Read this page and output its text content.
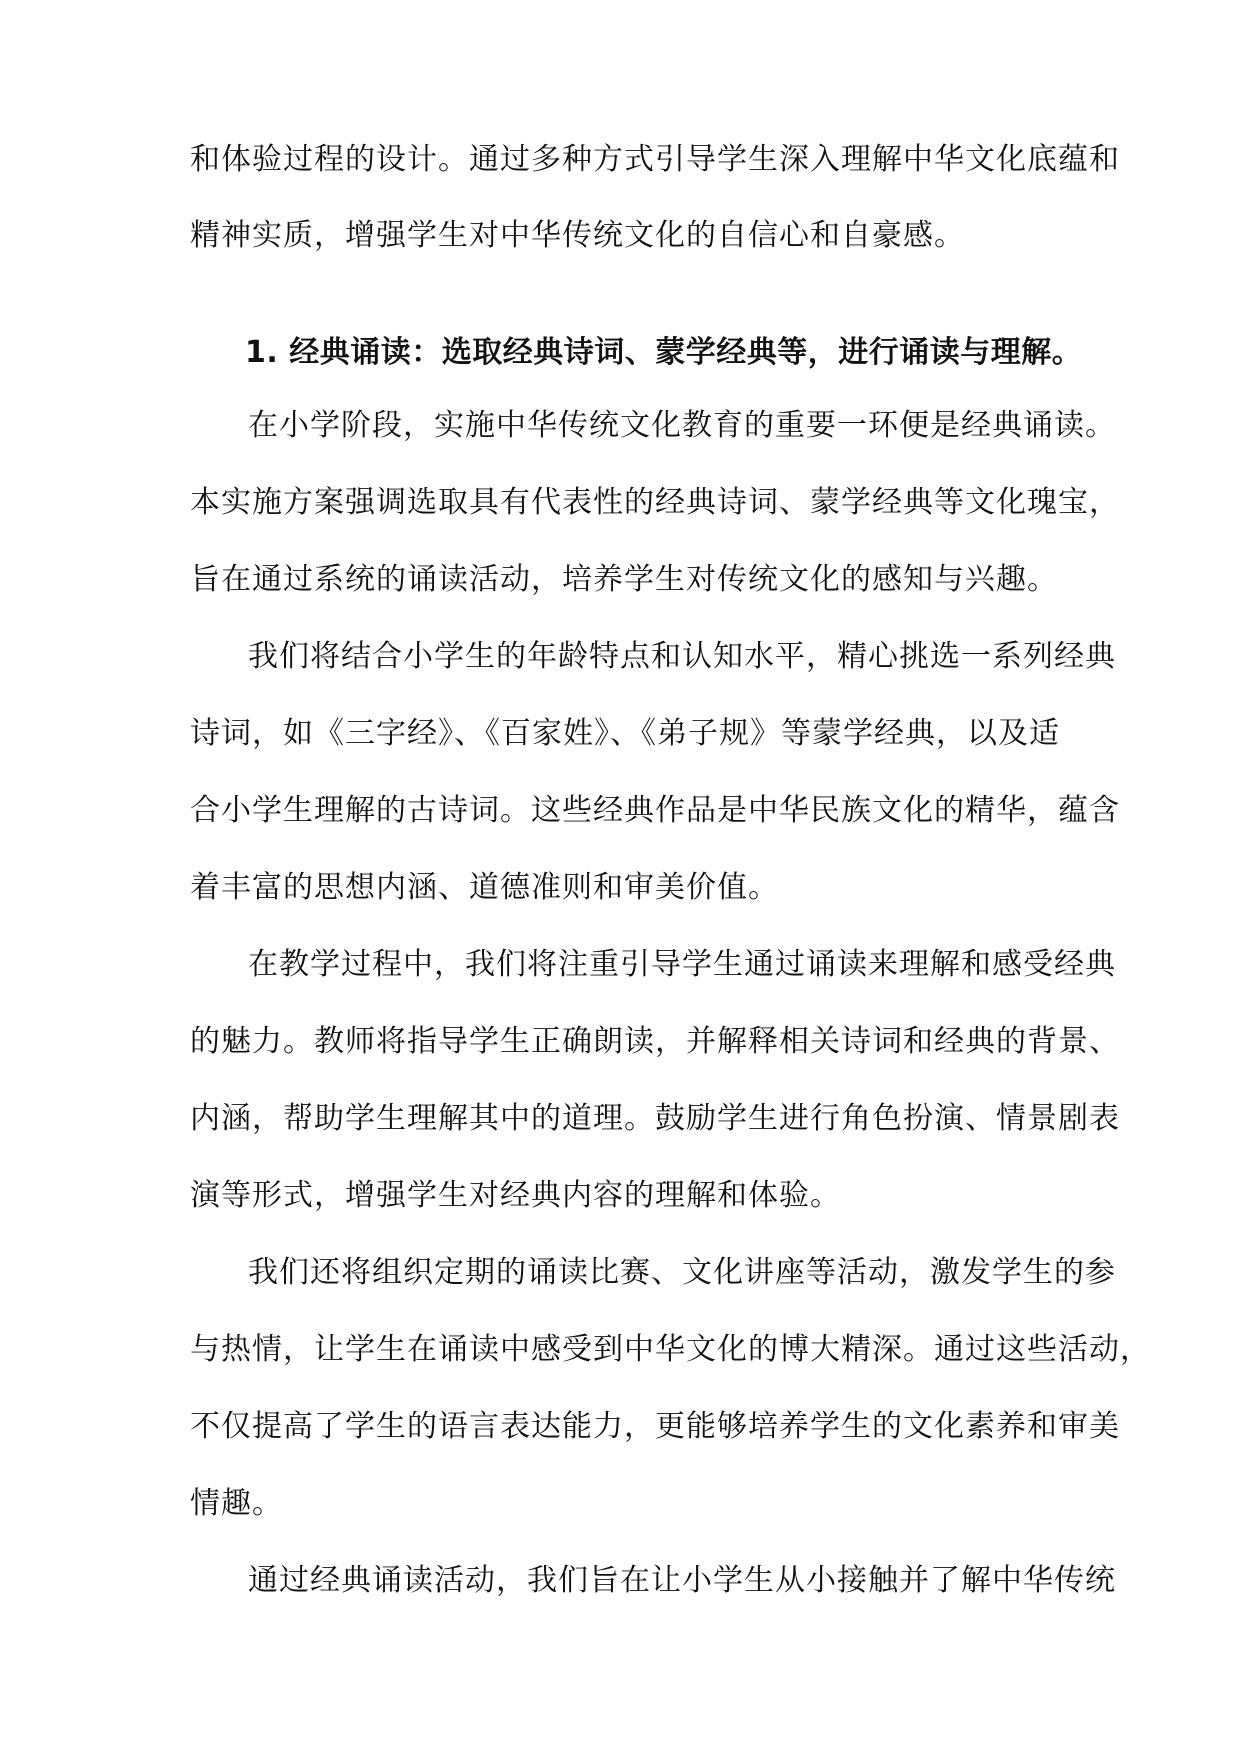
和体验过程的设计。通过多种方式引导学生深入理解中华文化底蕴和
精神实质，增强学生对中华传统文化的自信心和自豪感。
1. 经典诵读：选取经典诗词、蒙学经典等，进行诵读与理解。
在小学阶段，实施中华传统文化教育的重要一环便是经典诵读。
本实施方案强调选取具有代表性的经典诗词、蒙学经典等文化瑰宝，
旨在通过系统的诵读活动，培养学生对传统文化的感知与兴趣。
我们将结合小学生的年龄特点和认知水平，精心挑选一系列经典
诗词，如《三字经》、《百家姓》、《弟子规》等蒙学经典，以及适
合小学生理解的古诗词。这些经典作品是中华民族文化的精华，蕴含
着丰富的思想内涵、道德准则和审美价值。
在教学过程中，我们将注重引导学生通过诵读来理解和感受经典
的魅力。教师将指导学生正确朗读，并解释相关诗词和经典的背景、
内涵，帮助学生理解其中的道理。鼓励学生进行角色扮演、情景剧表
演等形式，增强学生对经典内容的理解和体验。
我们还将组织定期的诵读比赛、文化讲座等活动，激发学生的参
与热情，让学生在诵读中感受到中华文化的博大精深。通过这些活动，
不仅提高了学生的语言表达能力，更能够培养学生的文化素养和审美
情趣。
通过经典诵读活动，我们旨在让小学生从小接触并了解中华传统
